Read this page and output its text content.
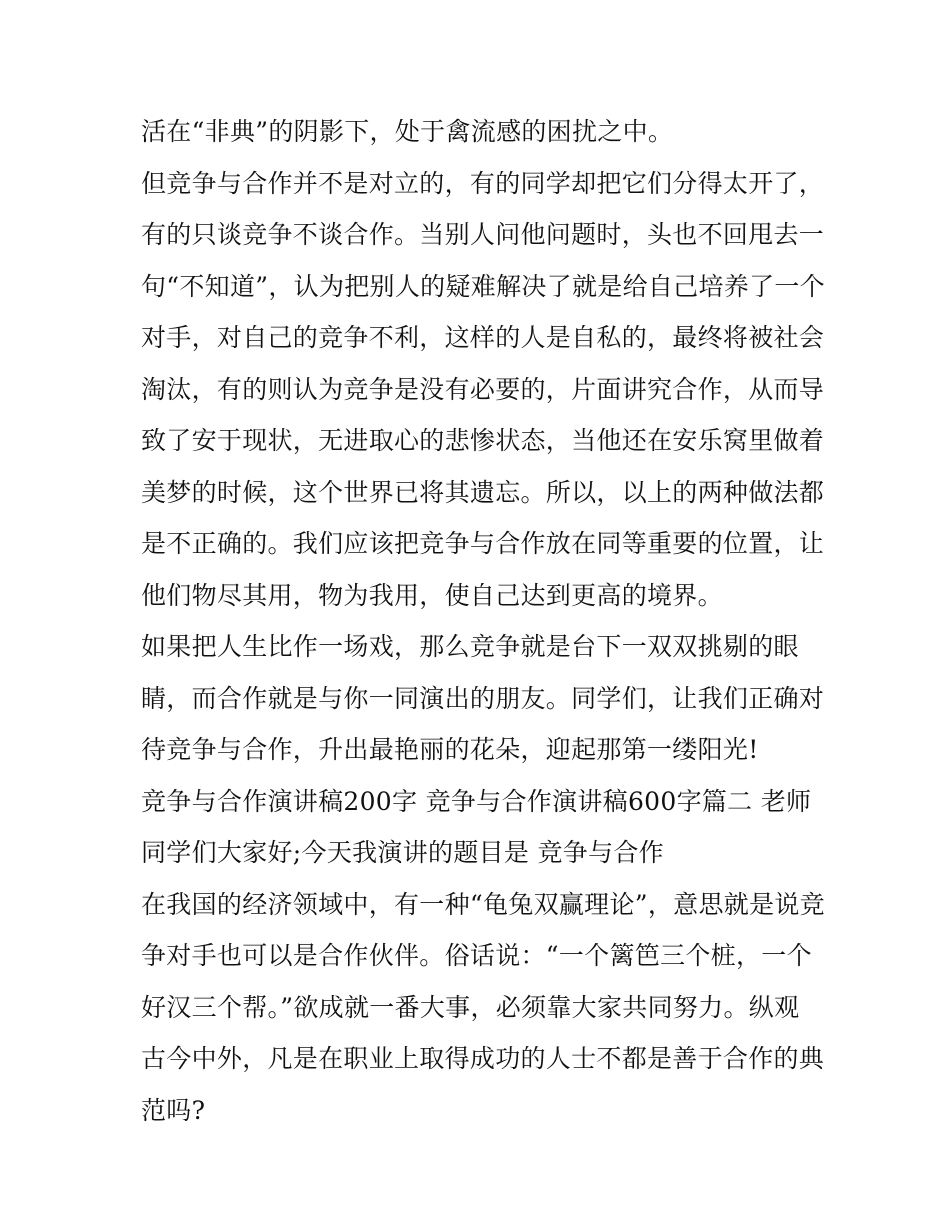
活在“非典”的阴影下，处于禽流感的困扰之中。
但竞争与合作并不是对立的，有的同学却把它们分得太开了，
有的只谈竞争不谈合作。当别人问他问题时，头也不回甩去一
句“不知道”，认为把别人的疑难解决了就是给自己培养了一个
对手，对自己的竞争不利，这样的人是自私的，最终将被社会
淘汰，有的则认为竞争是没有必要的，片面讲究合作，从而导
致了安于现状，无进取心的悲惨状态，当他还在安乐窝里做着
美梦的时候，这个世界已将其遗忘。所以，以上的两种做法都
是不正确的。我们应该把竞争与合作放在同等重要的位置，让
他们物尽其用，物为我用，使自己达到更高的境界。
如果把人生比作一场戏，那么竞争就是台下一双双挑剔的眼
睛，而合作就是与你一同演出的朋友。同学们，让我们正确对
待竞争与合作，升出最艳丽的花朵，迎起那第一缕阳光!
竞争与合作演讲稿200字 竞争与合作演讲稿600字篇二 老师
同学们大家好;今天我演讲的题目是 竞争与合作
在我国的经济领域中，有一种“龟兔双赢理论”，意思就是说竞
争对手也可以是合作伙伴。俗话说：“一个篱笆三个桩，一个
好汉三个帮。”欲成就一番大事，必须靠大家共同努力。纵观
古今中外，凡是在职业上取得成功的人士不都是善于合作的典
范吗?
